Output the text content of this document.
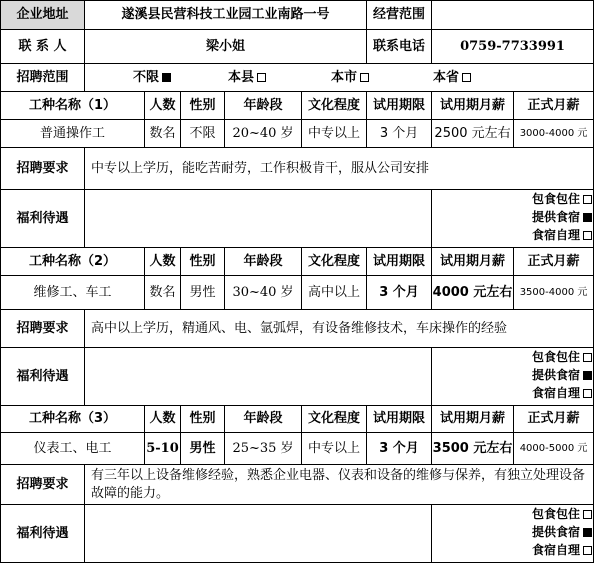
企业地址	遂溪县民营科技工业园工业南路一号					经营范围		
联 系 人	梁小姐					联系电话	0759-7733991	
招聘范围	不限 本县 本市 本省							
工种名称（1）		人数	性别	年龄段	文化程度	试用期限	试用期月薪	正式月薪
普通操作工		数名	不限	20~40 岁	中专以上	3 个月	2500 元左右	3000-4000 元
招聘要求	中专以上学历，能吃苦耐劳，工作积极肯干，服从公司安排							
福利待遇							包食包住
提供食宿
食宿自理	

工种名称（2）		人数	性别	年龄段	文化程度	试用期限	试用期月薪	正式月薪
维修工、车工		数名	男性	30~40 岁	高中以上	3 个月	4000 元左右	3500-4000 元
招聘要求	高中以上学历，精通风、电、氩弧焊，有设备维修技术，车床操作的经验							
福利待遇							包食包住
提供食宿
食宿自理	

工种名称（3）		人数	性别	年龄段	文化程度	试用期限	试用期月薪	正式月薪
仪表工、电工		5-10	男性	25~35 岁	中专以上	3 个月	3500 元左右	4000-5000 元
招聘要求	有三年以上设备维修经验，熟悉企业电器、仪表和设备的维修与保养，有独立处理设备故障的能力。							
福利待遇							包食包住
提供食宿
食宿自理	
